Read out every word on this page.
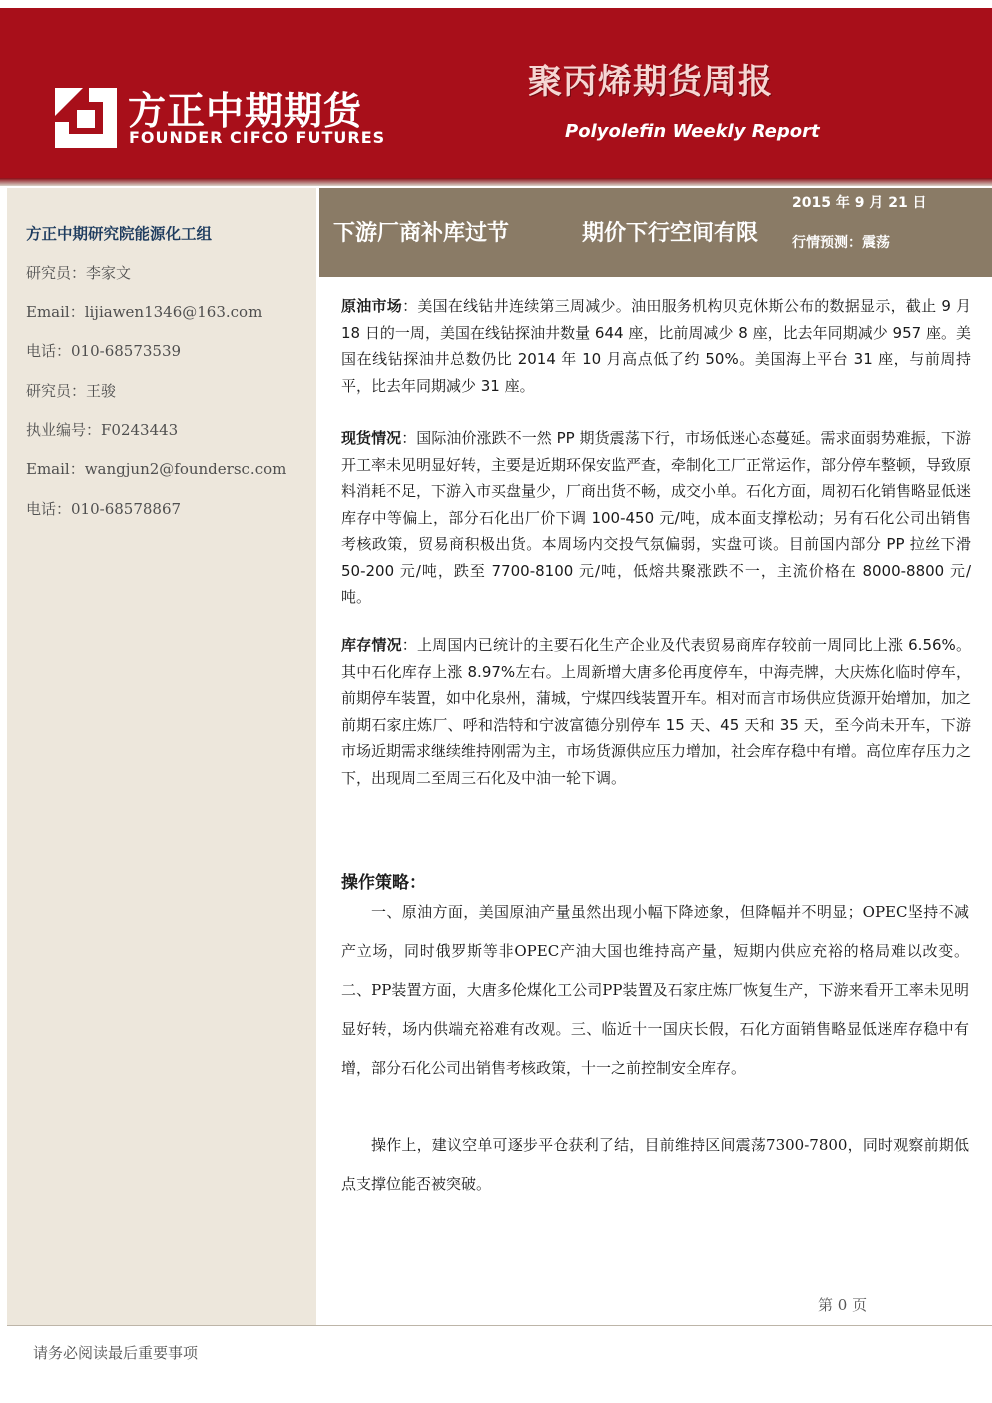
方正中期期货
FOUNDER CIFCO FUTURES
聚丙烯期货周报
Polyolefin Weekly Report
方正中期研究院能源化工组
研究员：李家文
Email：lijiawen1346@163.com
电话：010-68573539
研究员：王骏
执业编号：F0243443
Email：wangjun2@foundersc.com
电话：010-68578867
下游厂商补库过节	期价下行空间有限
2015 年 9 月 21 日
行情预测：震荡
原油市场：美国在线钻井连续第三周减少。油田服务机构贝克休斯公布的数据显示，截止 9 月 18 日的一周，美国在线钻探油井数量 644 座，比前周减少 8 座，比去年同期减少 957 座。美国在线钻探油井总数仍比 2014 年 10 月高点低了约 50%。美国海上平台 31 座，与前周持平，比去年同期减少 31 座。
现货情况：国际油价涨跌不一然 PP 期货震荡下行，市场低迷心态蔓延。需求面弱势难振，下游开工率未见明显好转，主要是近期环保安监严查，牵制化工厂正常运作，部分停车整顿，导致原料消耗不足，下游入市买盘量少，厂商出货不畅，成交小单。石化方面，周初石化销售略显低迷库存中等偏上，部分石化出厂价下调 100-450 元/吨，成本面支撑松动；另有石化公司出销售考核政策，贸易商积极出货。本周场内交投气氛偏弱，实盘可谈。目前国内部分 PP 拉丝下滑 50-200 元/吨，跌至 7700-8100 元/吨，低熔共聚涨跌不一，主流价格在 8000-8800 元/吨。
库存情况：上周国内已统计的主要石化生产企业及代表贸易商库存较前一周同比上涨 6.56%。其中石化库存上涨 8.97%左右。上周新增大唐多伦再度停车，中海壳牌，大庆炼化临时停车，前期停车装置，如中化泉州，蒲城，宁煤四线装置开车。相对而言市场供应货源开始增加，加之前期石家庄炼厂、呼和浩特和宁波富德分别停车 15 天、45 天和 35 天，至今尚未开车，下游市场近期需求继续维持刚需为主，市场货源供应压力增加，社会库存稳中有增。高位库存压力之下，出现周二至周三石化及中油一轮下调。
操作策略：
一、原油方面，美国原油产量虽然出现小幅下降迹象，但降幅并不明显；OPEC坚持不减产立场，同时俄罗斯等非OPEC产油大国也维持高产量，短期内供应充裕的格局难以改变。二、PP装置方面，大唐多伦煤化工公司PP装置及石家庄炼厂恢复生产，下游来看开工率未见明显好转，场内供端充裕难有改观。三、临近十一国庆长假，石化方面销售略显低迷库存稳中有增，部分石化公司出销售考核政策，十一之前控制安全库存。
操作上，建议空单可逐步平仓获利了结，目前维持区间震荡7300-7800，同时观察前期低点支撑位能否被突破。
第 0 页
请务必阅读最后重要事项
